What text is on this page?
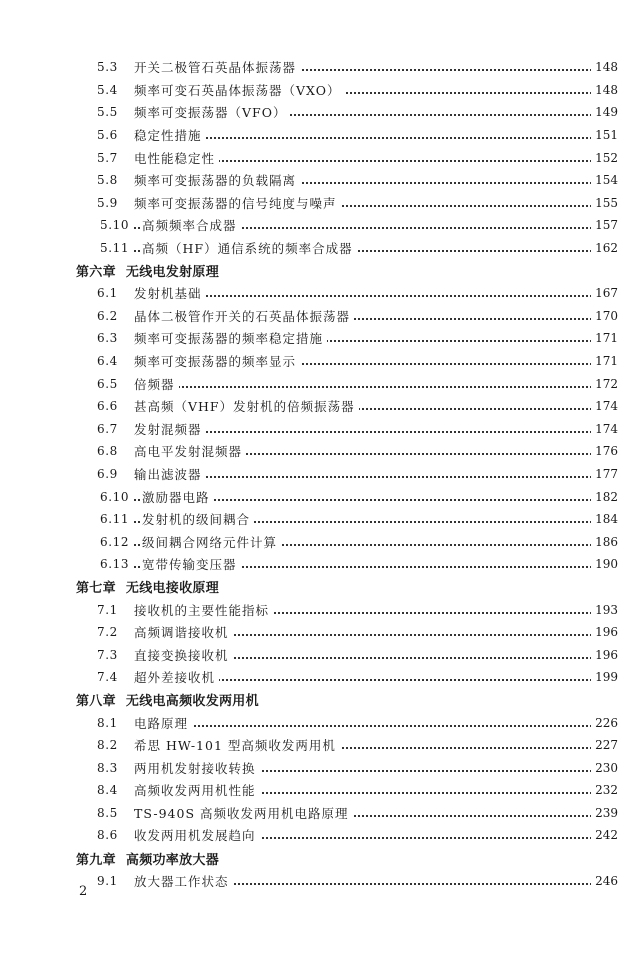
5.3 开关二极管石英晶体振荡器	148
5.4 频率可变石英晶体振荡器（VXO）	148
5.5 频率可变振荡器（VFO）	149
5.6 稳定性措施	151
5.7 电性能稳定性	152
5.8 频率可变振荡器的负载隔离	154
5.9 频率可变振荡器的信号纯度与噪声	155
5.10 高频频率合成器	157
5.11 高频（HF）通信系统的频率合成器	162
第六章 无线电发射原理
6.1 发射机基础	167
6.2 晶体二极管作开关的石英晶体振荡器	170
6.3 频率可变振荡器的频率稳定措施	171
6.4 频率可变振荡器的频率显示	171
6.5 倍频器	172
6.6 甚高频（VHF）发射机的倍频振荡器	174
6.7 发射混频器	174
6.8 高电平发射混频器	176
6.9 输出滤波器	177
6.10 激励器电路	182
6.11 发射机的级间耦合	184
6.12 级间耦合网络元件计算	186
6.13 宽带传输变压器	190
第七章 无线电接收原理
7.1 接收机的主要性能指标	193
7.2 高频调谐接收机	196
7.3 直接变换接收机	196
7.4 超外差接收机	199
第八章 无线电高频收发两用机
8.1 电路原理	226
8.2 希思 HW-101 型高频收发两用机	227
8.3 两用机发射接收转换	230
8.4 高频收发两用机性能	232
8.5 TS-940S 高频收发两用机电路原理	239
8.6 收发两用机发展趋向	242
第九章 高频功率放大器
9.1 放大器工作状态	246
2
